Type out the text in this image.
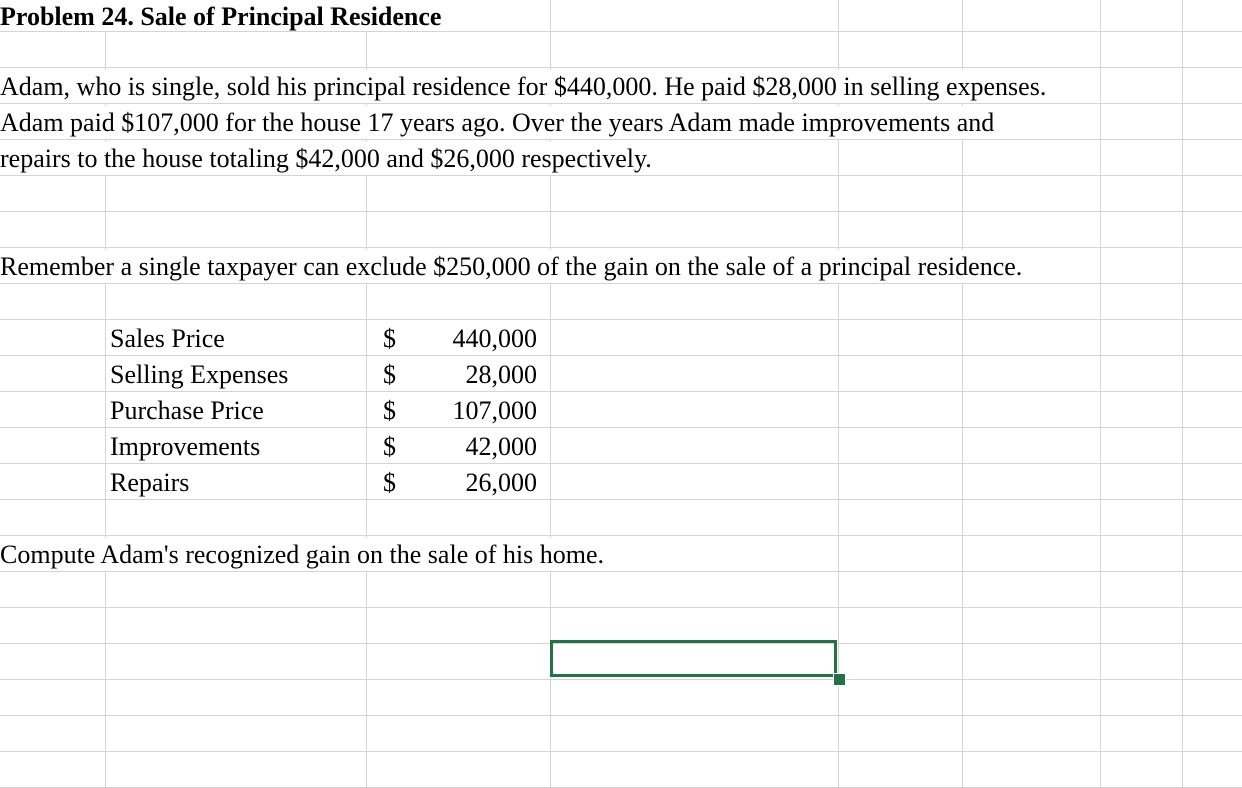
Problem 24. Sale of Principal Residence
Adam, who is single, sold his principal residence for $440,000. He paid $28,000 in selling expenses.
Adam paid $107,000 for the house 17 years ago. Over the years Adam made improvements and
repairs to the house totaling $42,000 and $26,000 respectively.
Remember a single taxpayer can exclude $250,000 of the gain on the sale of a principal residence.
Sales Price	$ 440,000
Selling Expenses	$	28,000
Purchase Price	$ 107,000
Improvements	$	42,000
Repairs	$	26,000
Compute Adam's recognized gain on the sale of his home.
